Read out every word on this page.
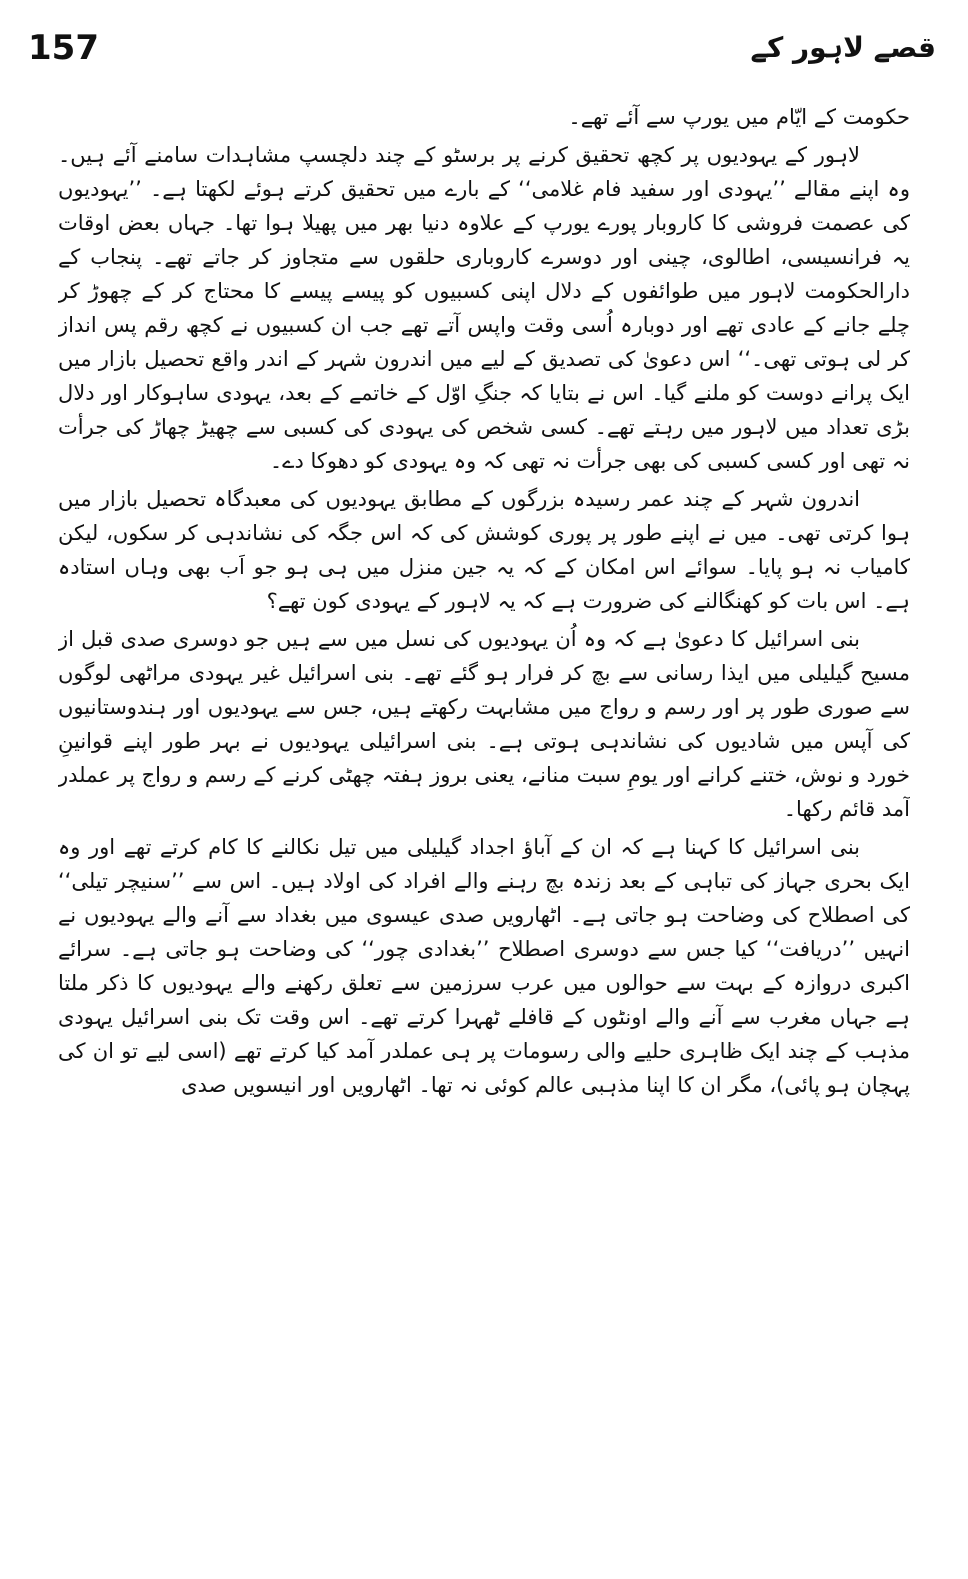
157	قصے لاہور کے

حکومت کے ایّام میں یورپ سے آئے تھے۔

لاہور کے یہودیوں پر کچھ تحقیق کرنے پر برسٹو کے چند دلچسپ مشاہدات سامنے آئے ہیں۔ وہ اپنے مقالے ’’یہودی اور سفید فام غلامی‘‘ کے بارے میں تحقیق کرتے ہوئے لکھتا ہے۔ ’’یہودیوں کی عصمت فروشی کا کاروبار پورے یورپ کے علاوہ دنیا بھر میں پھیلا ہوا تھا۔ جہاں بعض اوقات یہ فرانسیسی، اطالوی، چینی اور دوسرے کاروباری حلقوں سے متجاوز کر جاتے تھے۔ پنجاب کے دارالحکومت لاہور میں طوائفوں کے دلال اپنی کسبیوں کو پیسے پیسے کا محتاج کر کے چھوڑ کر چلے جانے کے عادی تھے اور دوبارہ اُسی وقت واپس آتے تھے جب ان کسبیوں نے کچھ رقم پس انداز کر لی ہوتی تھی۔‘‘ اس دعویٰ کی تصدیق کے لیے میں اندرون شہر کے اندر واقع تحصیل بازار میں ایک پرانے دوست کو ملنے گیا۔ اس نے بتایا کہ جنگِ اوّل کے خاتمے کے بعد، یہودی ساہوکار اور دلال بڑی تعداد میں لاہور میں رہتے تھے۔ کسی شخص کی یہودی کی کسبی سے چھیڑ چھاڑ کی جرأت نہ تھی اور کسی کسبی کی بھی جرأت نہ تھی کہ وہ یہودی کو دھوکا دے۔

اندرون شہر کے چند عمر رسیدہ بزرگوں کے مطابق یہودیوں کی معبدگاہ تحصیل بازار میں ہوا کرتی تھی۔ میں نے اپنے طور پر پوری کوشش کی کہ اس جگہ کی نشاندہی کر سکوں، لیکن کامیاب نہ ہو پایا۔ سوائے اس امکان کے کہ یہ جین منزل میں ہی ہو جو اَب بھی وہاں استادہ ہے۔ اس بات کو کھنگالنے کی ضرورت ہے کہ یہ لاہور کے یہودی کون تھے؟

بنی اسرائیل کا دعویٰ ہے کہ وہ اُن یہودیوں کی نسل میں سے ہیں جو دوسری صدی قبل از مسیح گیلیلی میں ایذا رسانی سے بچ کر فرار ہو گئے تھے۔ بنی اسرائیل غیر یہودی مراٹھی لوگوں سے صوری طور پر اور رسم و رواج میں مشابہت رکھتے ہیں، جس سے یہودیوں اور ہندوستانیوں کی آپس میں شادیوں کی نشاندہی ہوتی ہے۔ بنی اسرائیلی یہودیوں نے بہر طور اپنے قوانینِ خورد و نوش، ختنے کرانے اور یومِ سبت منانے، یعنی بروز ہفتہ چھٹی کرنے کے رسم و رواج پر عملدر آمد قائم رکھا۔

بنی اسرائیل کا کہنا ہے کہ ان کے آباؤ اجداد گیلیلی میں تیل نکالنے کا کام کرتے تھے اور وہ ایک بحری جہاز کی تباہی کے بعد زندہ بچ رہنے والے افراد کی اولاد ہیں۔ اس سے ’’سنیچر تیلی‘‘ کی اصطلاح کی وضاحت ہو جاتی ہے۔ اٹھارویں صدی عیسوی میں بغداد سے آنے والے یہودیوں نے انہیں ’’دریافت‘‘ کیا جس سے دوسری اصطلاح ’’بغدادی چور‘‘ کی وضاحت ہو جاتی ہے۔ سرائے اکبری دروازہ کے بہت سے حوالوں میں عرب سرزمین سے تعلق رکھنے والے یہودیوں کا ذکر ملتا ہے جہاں مغرب سے آنے والے اونٹوں کے قافلے ٹھہرا کرتے تھے۔ اس وقت تک بنی اسرائیل یہودی مذہب کے چند ایک ظاہری حلیے والی رسومات پر ہی عملدر آمد کیا کرتے تھے (اسی لیے تو ان کی پہچان ہو پائی)، مگر ان کا اپنا مذہبی عالم کوئی نہ تھا۔ اٹھارویں اور انیسویں صدی
